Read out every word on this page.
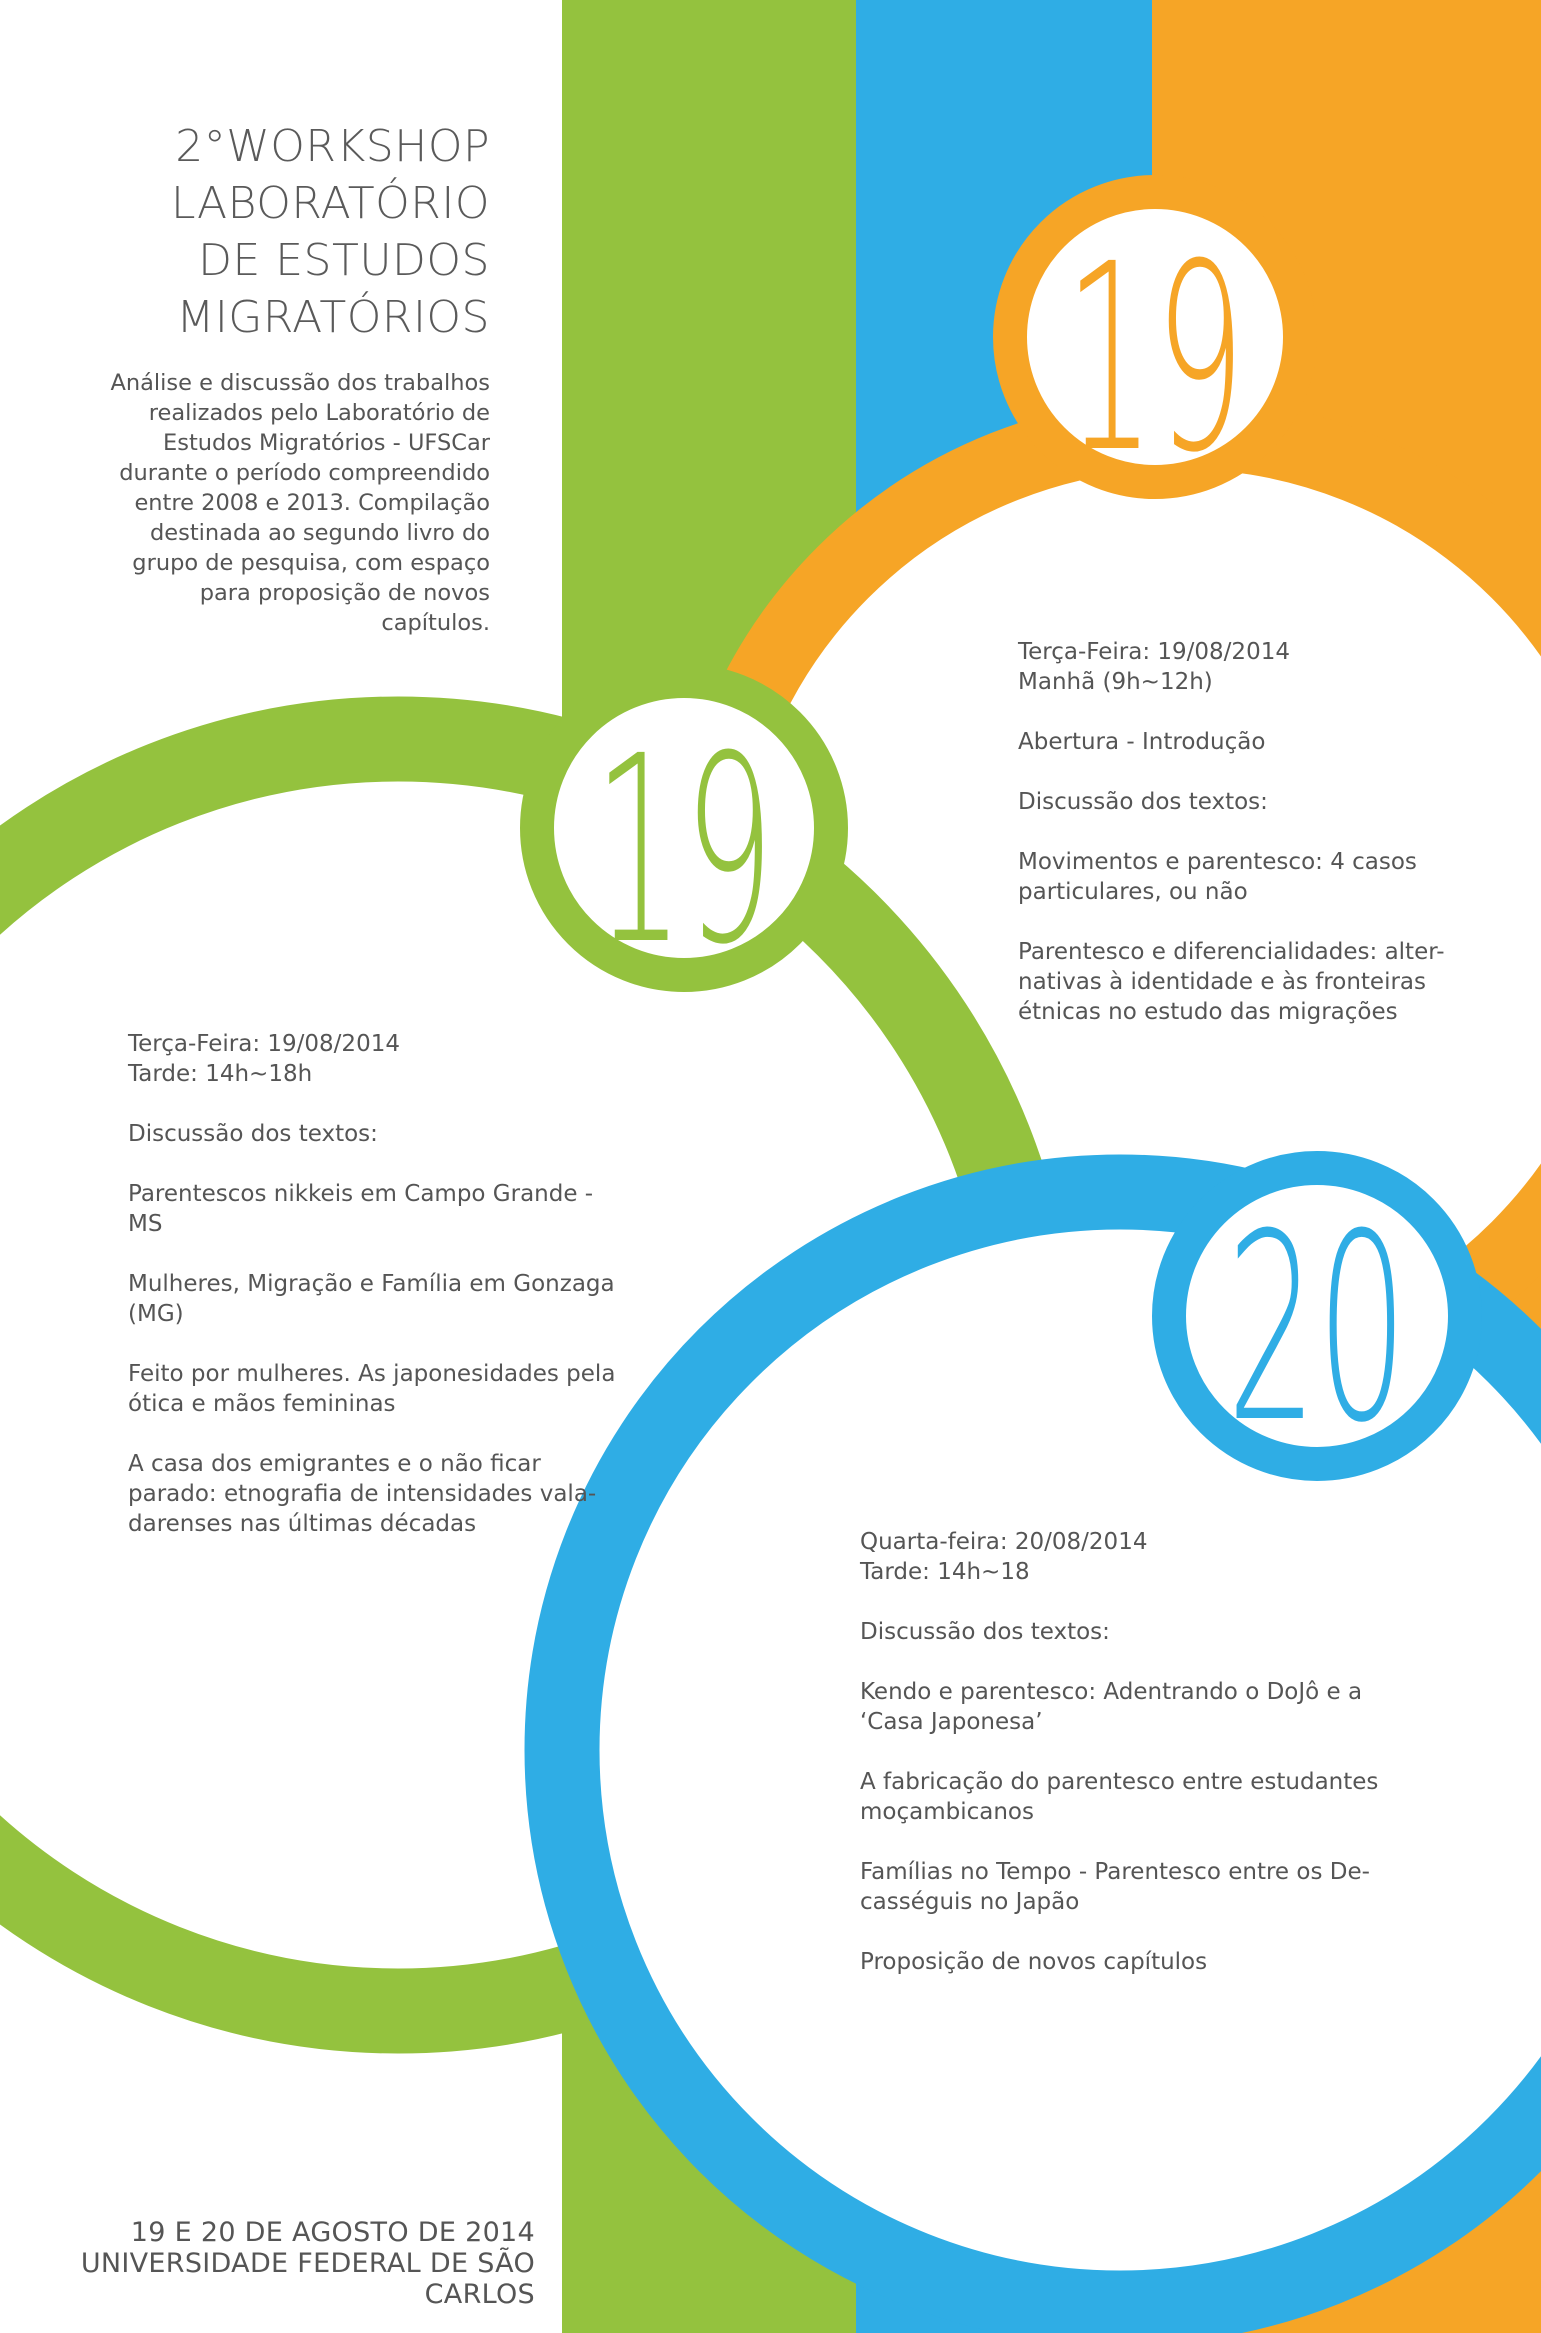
19
19
20
2°WORKSHOP
LABORATÓRIO
DE ESTUDOS
MIGRATÓRIOS

Análise e discussão dos trabalhos
realizados pelo Laboratório de
Estudos Migratórios - UFSCar
durante o período compreendido
entre 2008 e 2013. Compilação
destinada ao segundo livro do
grupo de pesquisa, com espaço
para proposição de novos
capítulos.

Terça-Feira: 19/08/2014
Manhã (9h~12h)

Abertura - Introdução

Discussão dos textos:

Movimentos e parentesco: 4 casos
particulares, ou não

Parentesco e diferencialidades: alter-
nativas à identidade e às fronteiras
étnicas no estudo das migrações

Terça-Feira: 19/08/2014
Tarde: 14h~18h

Discussão dos textos:

Parentescos nikkeis em Campo Grande -
MS

Mulheres, Migração e Família em Gonzaga
(MG)

Feito por mulheres. As japonesidades pela
ótica e mãos femininas

A casa dos emigrantes e o não ficar
parado: etnografia de intensidades vala-
darenses nas últimas décadas

Quarta-feira: 20/08/2014
Tarde: 14h~18

Discussão dos textos:

Kendo e parentesco: Adentrando o DoJô e a
‘Casa Japonesa’

A fabricação do parentesco entre estudantes
moçambicanos

Famílias no Tempo - Parentesco entre os De-
casséguis no Japão

Proposição de novos capítulos

19 E 20 DE AGOSTO DE 2014
UNIVERSIDADE FEDERAL DE SÃO CARLOS
